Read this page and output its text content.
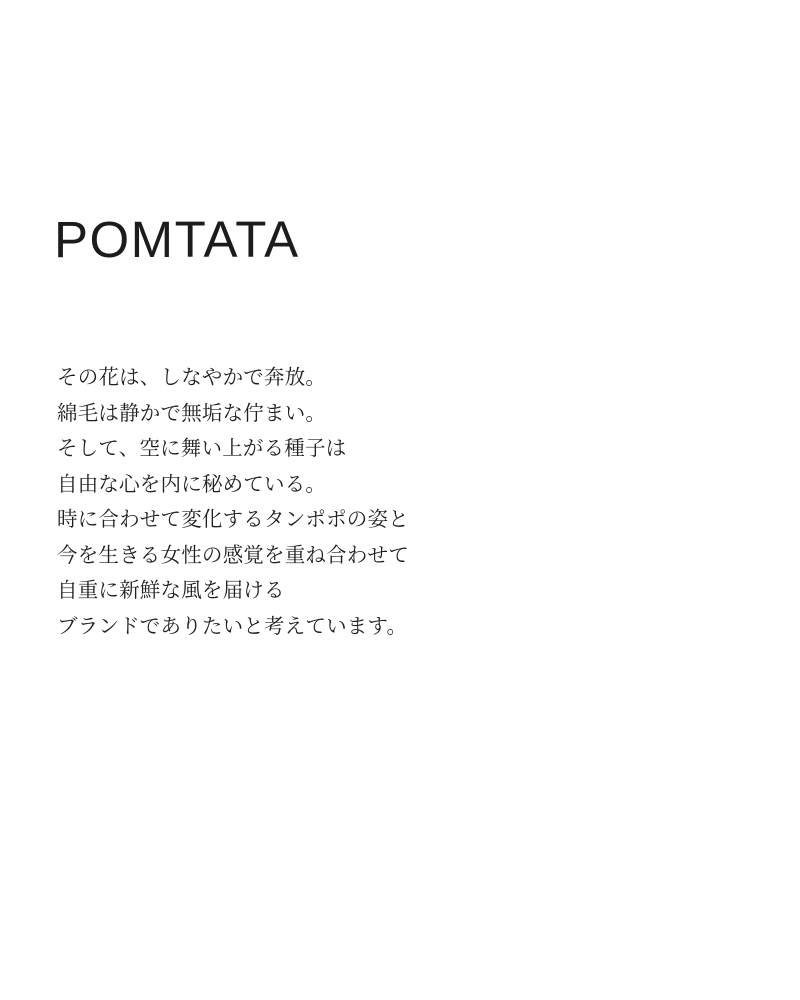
POMTATA
その花は、しなやかで奔放。
綿毛は静かで無垢な佇まい。
そして、空に舞い上がる種子は
自由な心を内に秘めている。
時に合わせて変化するタンポポの姿と
今を生きる女性の感覚を重ね合わせて
自重に新鮮な風を届ける
ブランドでありたいと考えています。
